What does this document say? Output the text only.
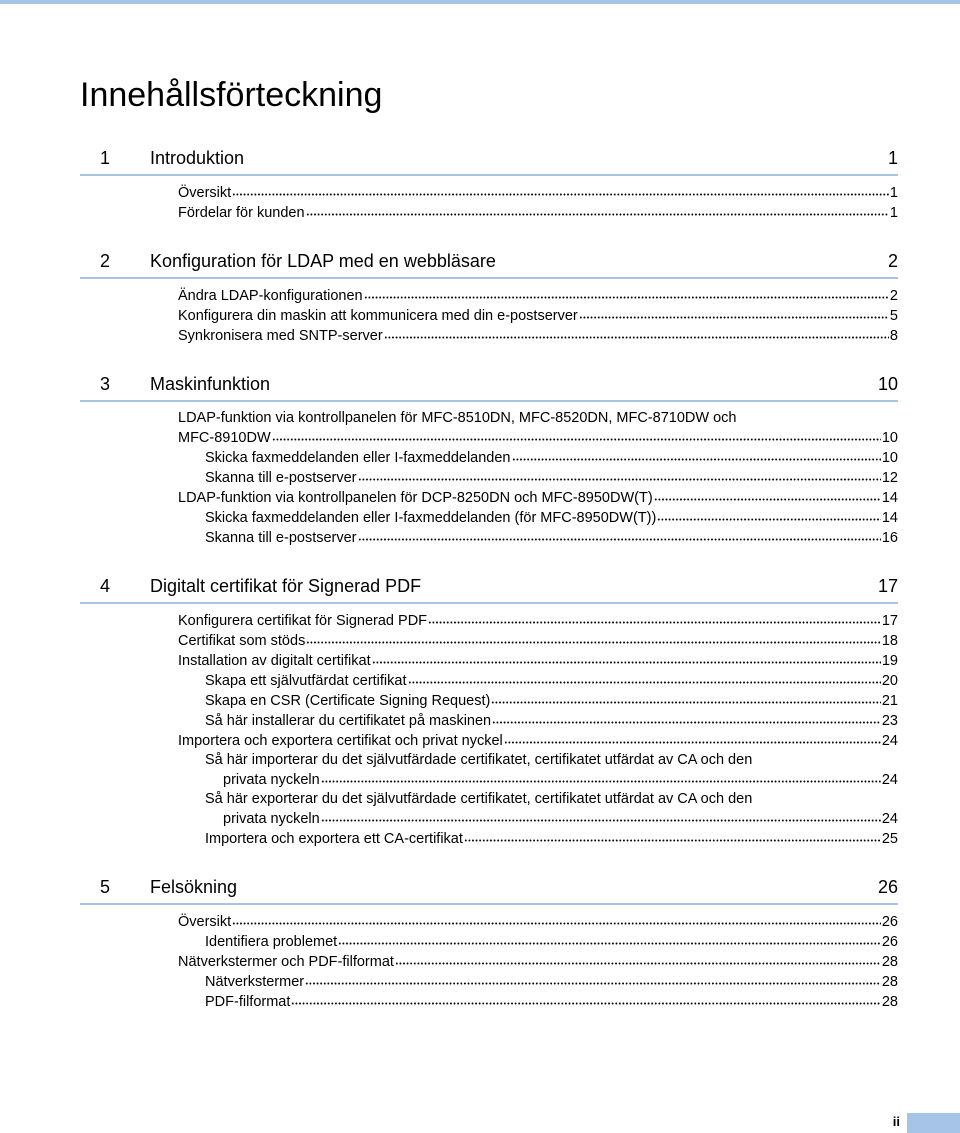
Innehållsförteckning
1	Introduktion	1
Översikt	1
Fördelar för kunden	1
2	Konfiguration för LDAP med en webbläsare	2
Ändra LDAP-konfigurationen	2
Konfigurera din maskin att kommunicera med din e-postserver	5
Synkronisera med SNTP-server	8
3	Maskinfunktion	10
LDAP-funktion via kontrollpanelen för MFC-8510DN, MFC-8520DN, MFC-8710DW och
MFC-8910DW	10
Skicka faxmeddelanden eller I-faxmeddelanden	10
Skanna till e-postserver	12
LDAP-funktion via kontrollpanelen för DCP-8250DN och MFC-8950DW(T)	14
Skicka faxmeddelanden eller I-faxmeddelanden (för MFC-8950DW(T))	14
Skanna till e-postserver	16
4	Digitalt certifikat för Signerad PDF	17
Konfigurera certifikat för Signerad PDF	17
Certifikat som stöds	18
Installation av digitalt certifikat	19
Skapa ett självutfärdat certifikat	20
Skapa en CSR (Certificate Signing Request)	21
Så här installerar du certifikatet på maskinen	23
Importera och exportera certifikat och privat nyckel	24
Så här importerar du det självutfärdade certifikatet, certifikatet utfärdat av CA och den
privata nyckeln	24
Så här exporterar du det självutfärdade certifikatet, certifikatet utfärdat av CA och den
privata nyckeln	24
Importera och exportera ett CA-certifikat	25
5	Felsökning	26
Översikt	26
Identifiera problemet	26
Nätverkstermer och PDF-filformat	28
Nätverkstermer	28
PDF-filformat	28
ii
